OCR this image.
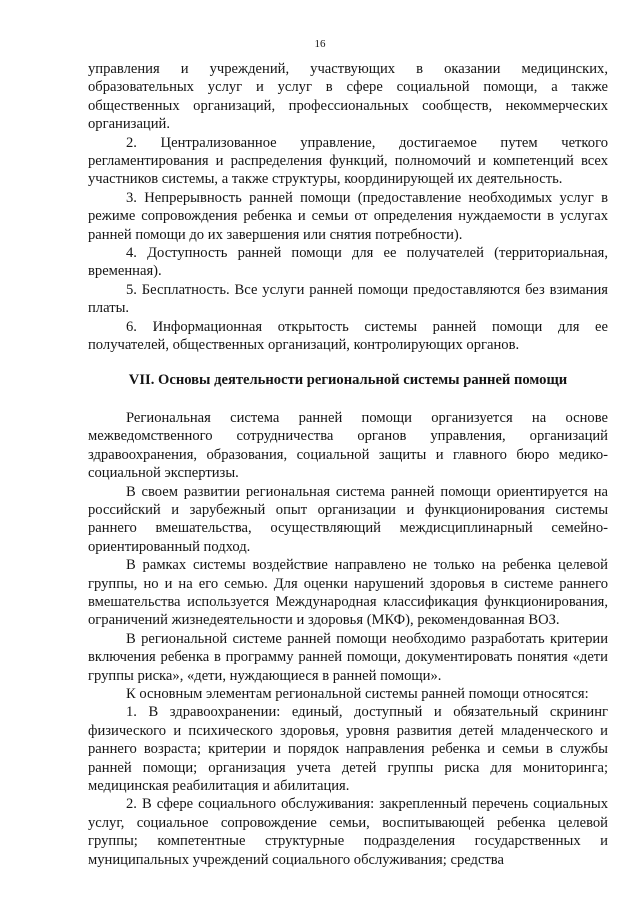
16

управления и учреждений, участвующих в оказании медицинских, образовательных услуг и услуг в сфере социальной помощи, а также общественных организаций, профессиональных сообществ, некоммерческих организаций.

2. Централизованное управление, достигаемое путем четкого регламентирования и распределения функций, полномочий и компетенций всех участников системы, а также структуры, координирующей их деятельность.

3. Непрерывность ранней помощи (предоставление необходимых услуг в режиме сопровождения ребенка и семьи от определения нуждаемости в услугах ранней помощи до их завершения или снятия потребности).

4. Доступность ранней помощи для ее получателей (территориальная, временная).

5. Бесплатность. Все услуги ранней помощи предоставляются без взимания платы.

6. Информационная открытость системы ранней помощи для ее получателей, общественных организаций, контролирующих органов.

VII. Основы деятельности региональной системы ранней помощи

Региональная система ранней помощи организуется на основе межведомственного сотрудничества органов управления, организаций здравоохранения, образования, социальной защиты и главного бюро медико-социальной экспертизы.

В своем развитии региональная система ранней помощи ориентируется на российский и зарубежный опыт организации и функционирования системы раннего вмешательства, осуществляющий междисциплинарный семейно-ориентированный подход.

В рамках системы воздействие направлено не только на ребенка целевой группы, но и на его семью. Для оценки нарушений здоровья в системе раннего вмешательства используется Международная классификация функционирования, ограничений жизнедеятельности и здоровья (МКФ), рекомендованная ВОЗ.

В региональной системе ранней помощи необходимо разработать критерии включения ребенка в программу ранней помощи, документировать понятия «дети группы риска», «дети, нуждающиеся в ранней помощи».

К основным элементам региональной системы ранней помощи относятся:

1. В здравоохранении: единый, доступный и обязательный скрининг физического и психического здоровья, уровня развития детей младенческого и раннего возраста; критерии и порядок направления ребенка и семьи в службы ранней помощи; организация учета детей группы риска для мониторинга; медицинская реабилитация и абилитация.

2. В сфере социального обслуживания: закрепленный перечень социальных услуг, социальное сопровождение семьи, воспитывающей ребенка целевой группы; компетентные структурные подразделения государственных и муниципальных учреждений социального обслуживания; средства
